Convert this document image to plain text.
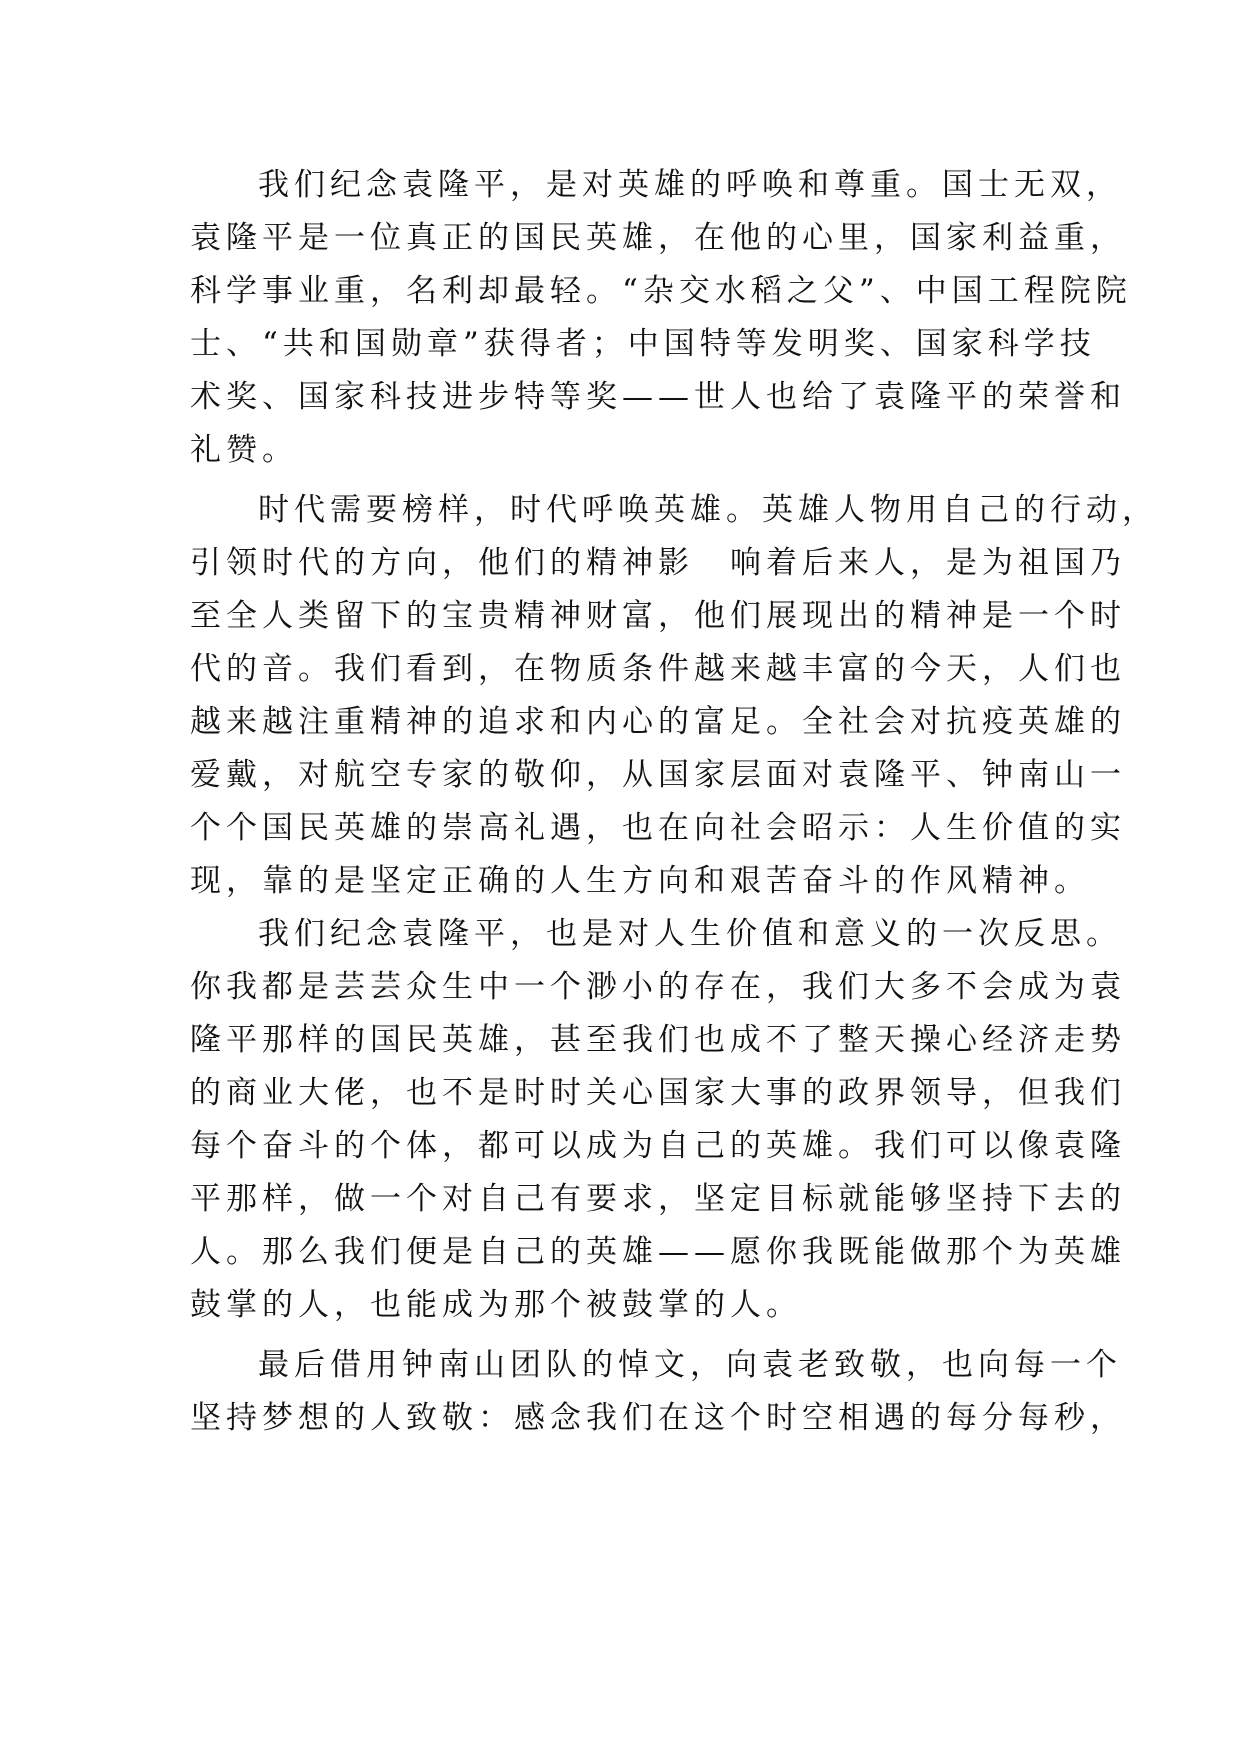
我们纪念袁隆平，是对英雄的呼唤和尊重。国士无双，

袁隆平是一位真正的国民英雄，在他的心里，国家利益重，

科学事业重，名利却最轻。“杂交水稻之父”、中国工程院院

士、“共和国勋章”获得者；中国特等发明奖、国家科学技

术奖、国家科技进步特等奖——世人也给了袁隆平的荣誉和

礼赞。

时代需要榜样，时代呼唤英雄。英雄人物用自己的行动，

引领时代的方向，他们的精神影　响着后来人，是为祖国乃

至全人类留下的宝贵精神财富，他们展现出的精神是一个时

代的音。我们看到，在物质条件越来越丰富的今天，人们也

越来越注重精神的追求和内心的富足。全社会对抗疫英雄的

爱戴，对航空专家的敬仰，从国家层面对袁隆平、钟南山一

个个国民英雄的崇高礼遇，也在向社会昭示：人生价值的实

现，靠的是坚定正确的人生方向和艰苦奋斗的作风精神。

我们纪念袁隆平，也是对人生价值和意义的一次反思。

你我都是芸芸众生中一个渺小的存在，我们大多不会成为袁

隆平那样的国民英雄，甚至我们也成不了整天操心经济走势

的商业大佬，也不是时时关心国家大事的政界领导，但我们

每个奋斗的个体，都可以成为自己的英雄。我们可以像袁隆

平那样，做一个对自己有要求，坚定目标就能够坚持下去的

人。那么我们便是自己的英雄——愿你我既能做那个为英雄

鼓掌的人，也能成为那个被鼓掌的人。

最后借用钟南山团队的悼文，向袁老致敬，也向每一个

坚持梦想的人致敬：感念我们在这个时空相遇的每分每秒，
